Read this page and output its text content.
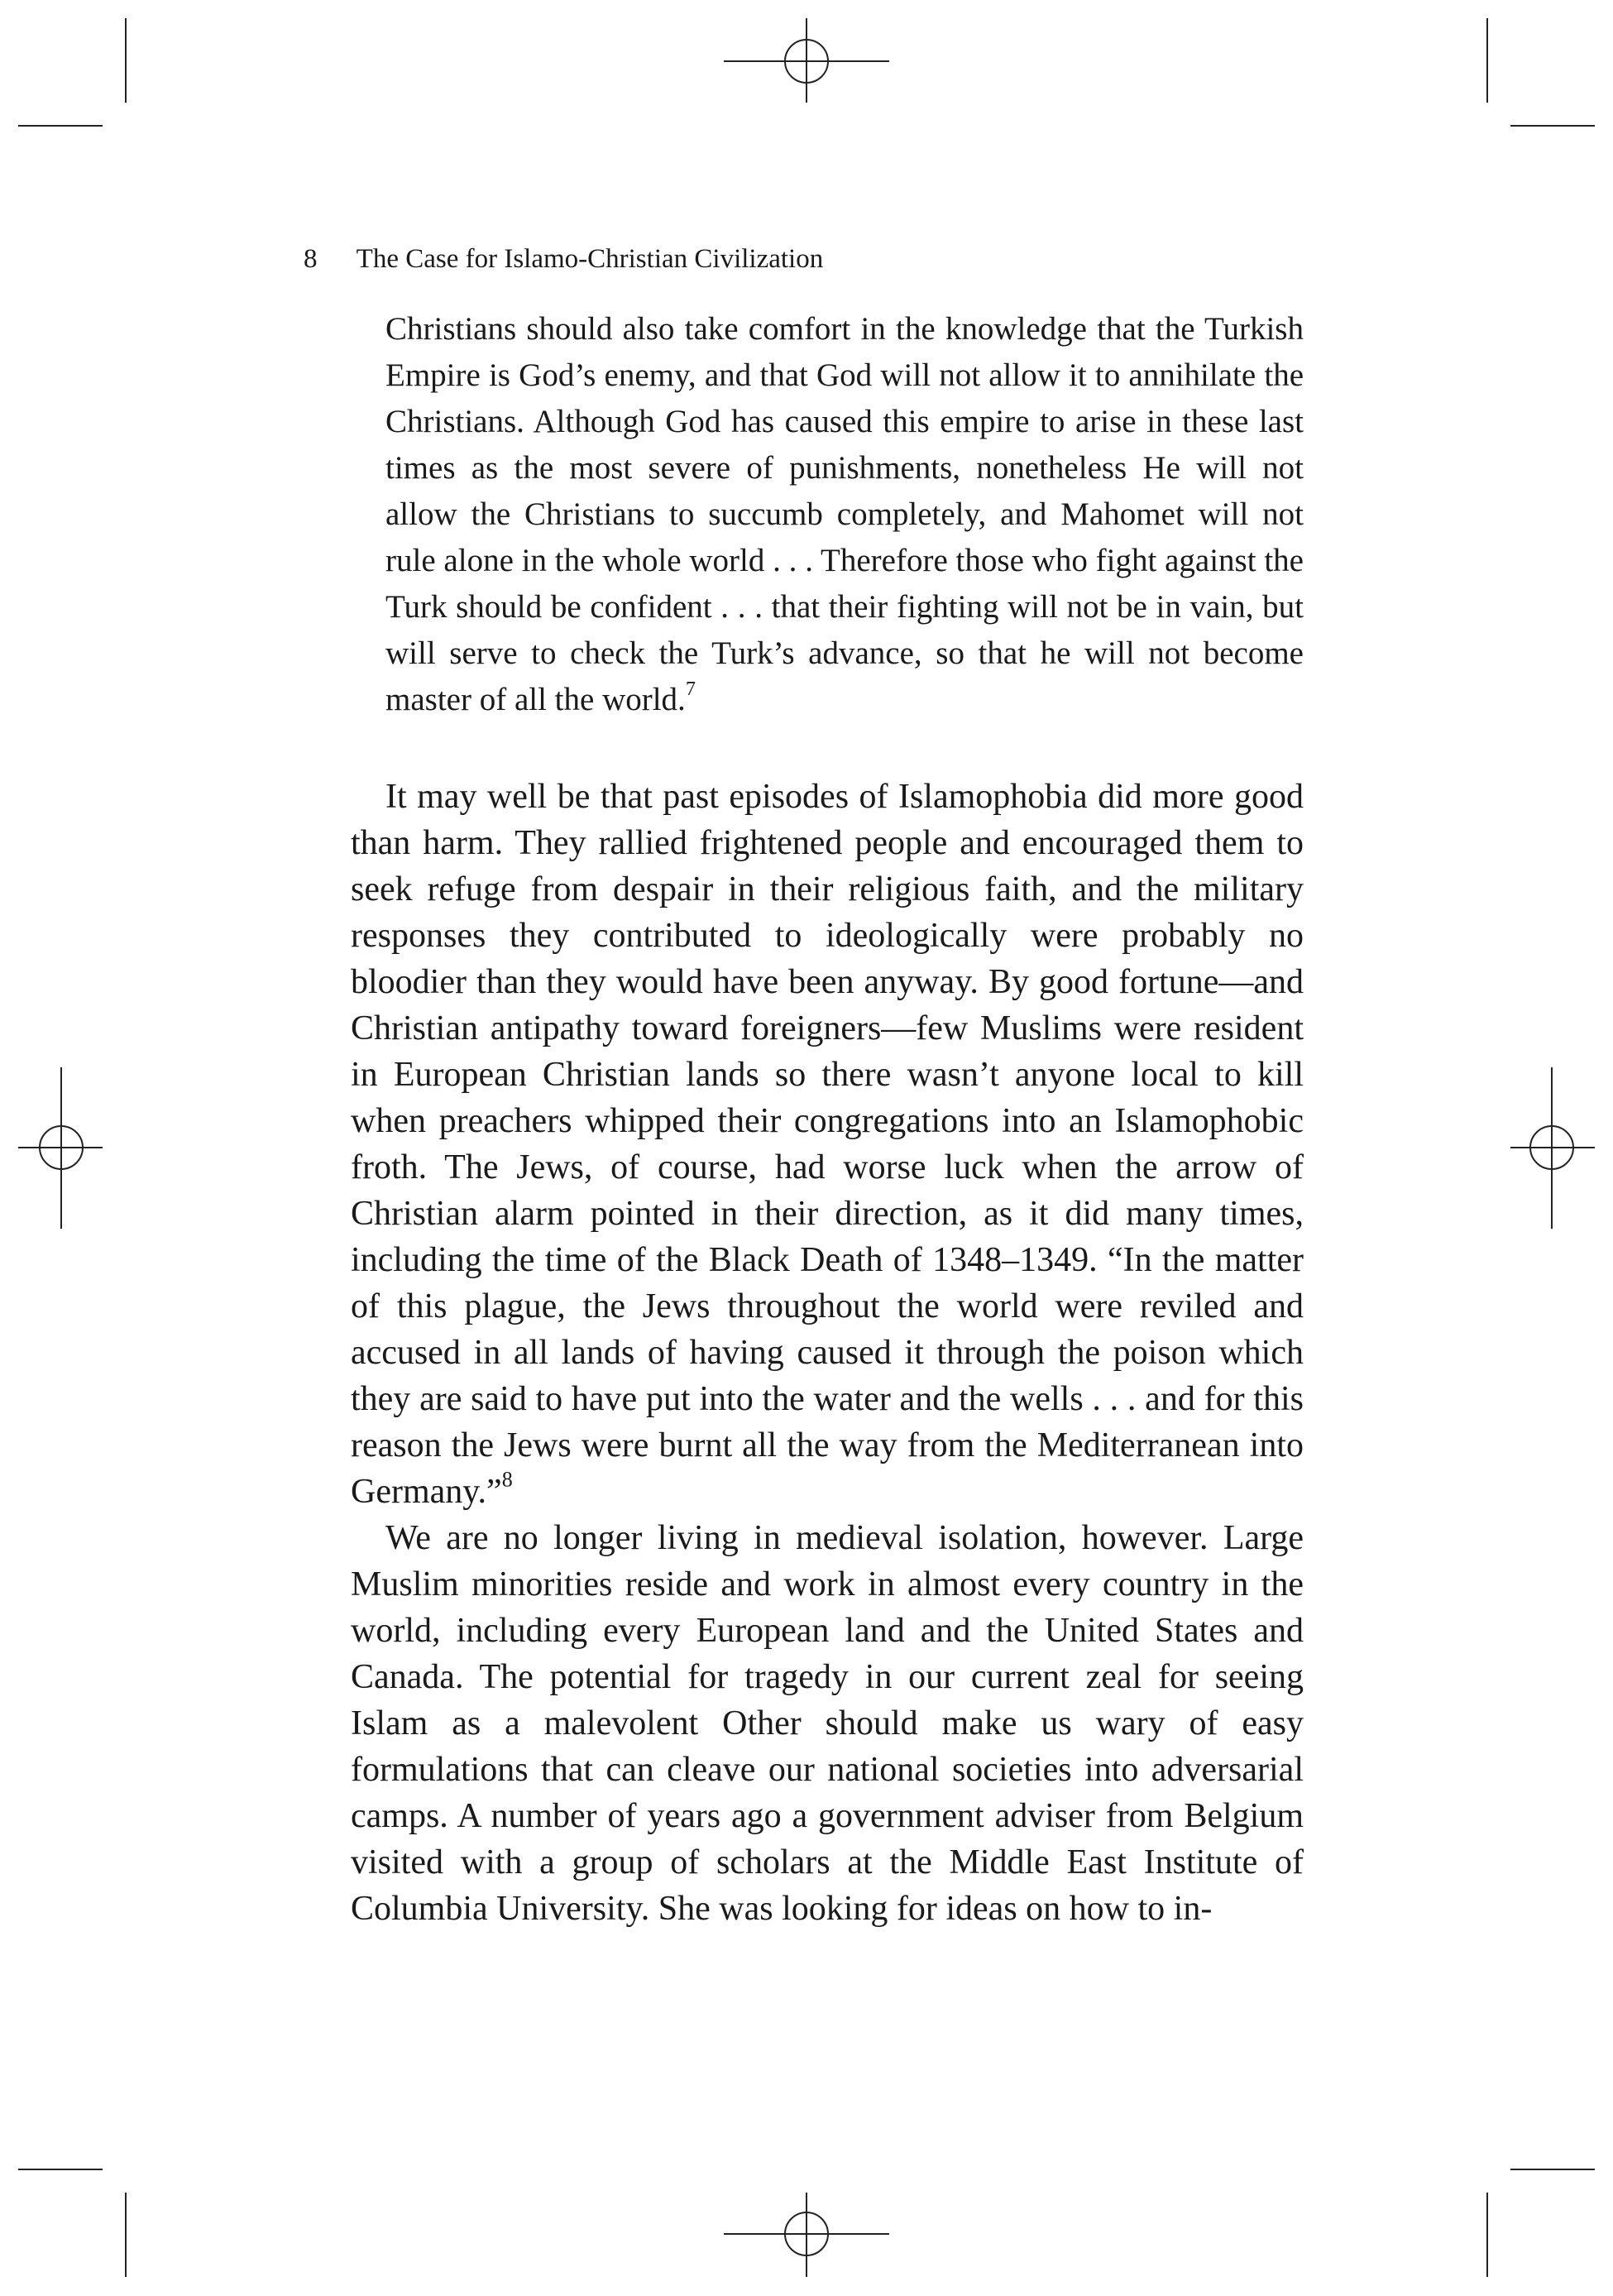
8 The Case for Islamo-Christian Civilization
Christians should also take comfort in the knowledge that the Turkish Empire is God’s enemy, and that God will not allow it to annihilate the Christians. Although God has caused this empire to arise in these last times as the most severe of punishments, nonetheless He will not allow the Christians to succumb completely, and Mahomet will not rule alone in the whole world . . . Therefore those who fight against the Turk should be confident . . . that their fighting will not be in vain, but will serve to check the Turk’s advance, so that he will not become master of all the world.$^7$

It may well be that past episodes of Islamophobia did more good than harm. They rallied frightened people and encouraged them to seek refuge from despair in their religious faith, and the military responses they contributed to ideologically were probably no bloodier than they would have been anyway. By good fortune—and Christian antipathy toward foreigners—few Muslims were resident in European Christian lands so there wasn’t anyone local to kill when preachers whipped their congregations into an Islamophobic froth. The Jews, of course, had worse luck when the arrow of Christian alarm pointed in their direction, as it did many times, including the time of the Black Death of 1348–1349. “In the matter of this plague, the Jews throughout the world were reviled and accused in all lands of having caused it through the poison which they are said to have put into the water and the wells . . . and for this reason the Jews were burnt all the way from the Mediterranean into Germany.”$^8$

We are no longer living in medieval isolation, however. Large Muslim minorities reside and work in almost every country in the world, including every European land and the United States and Canada. The potential for tragedy in our current zeal for seeing Islam as a malevolent Other should make us wary of easy formulations that can cleave our national societies into adversarial camps. A number of years ago a government adviser from Belgium visited with a group of scholars at the Middle East Institute of Columbia University. She was looking for ideas on how to in-
